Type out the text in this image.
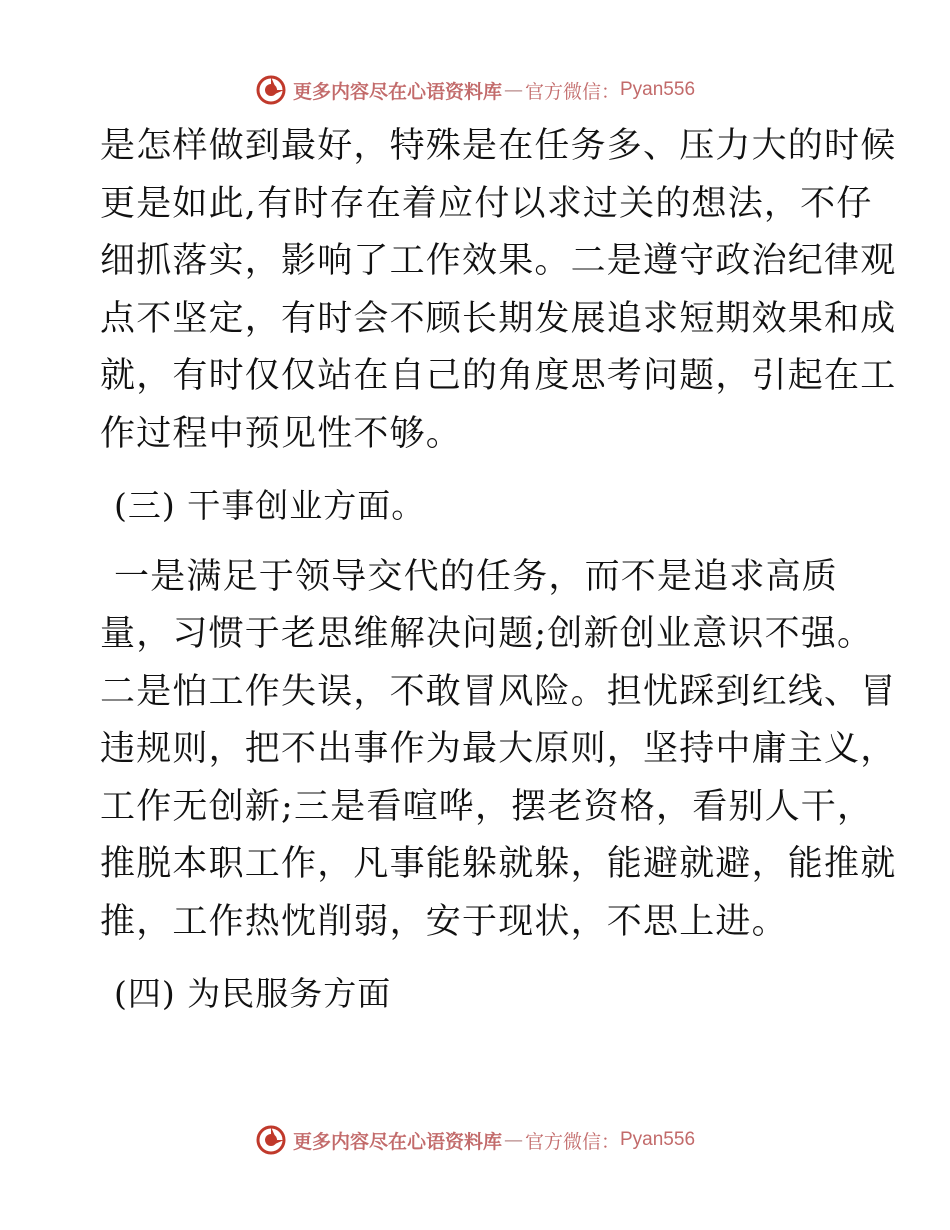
更多内容尽在心语资料库 — 官方微信： Pyan556

是怎样做到最好，特殊是在任务多、压力大的时候
更是如此,有时存在着应付以求过关的想法，不仔
细抓落实，影响了工作效果。二是遵守政治纪律观
点不坚定，有时会不顾长期发展追求短期效果和成
就，有时仅仅站在自己的角度思考问题，引起在工
作过程中预见性不够。

(三) 干事创业方面。

一是满足于领导交代的任务，而不是追求高质
量，习惯于老思维解决问题;创新创业意识不强。
二是怕工作失误，不敢冒风险。担忧踩到红线、冒
违规则，把不出事作为最大原则，坚持中庸主义，
工作无创新;三是看喧哗，摆老资格，看别人干，
推脱本职工作，凡事能躲就躲，能避就避，能推就
推，工作热忱削弱，安于现状，不思上进。

(四) 为民服务方面

更多内容尽在心语资料库 — 官方微信： Pyan556
